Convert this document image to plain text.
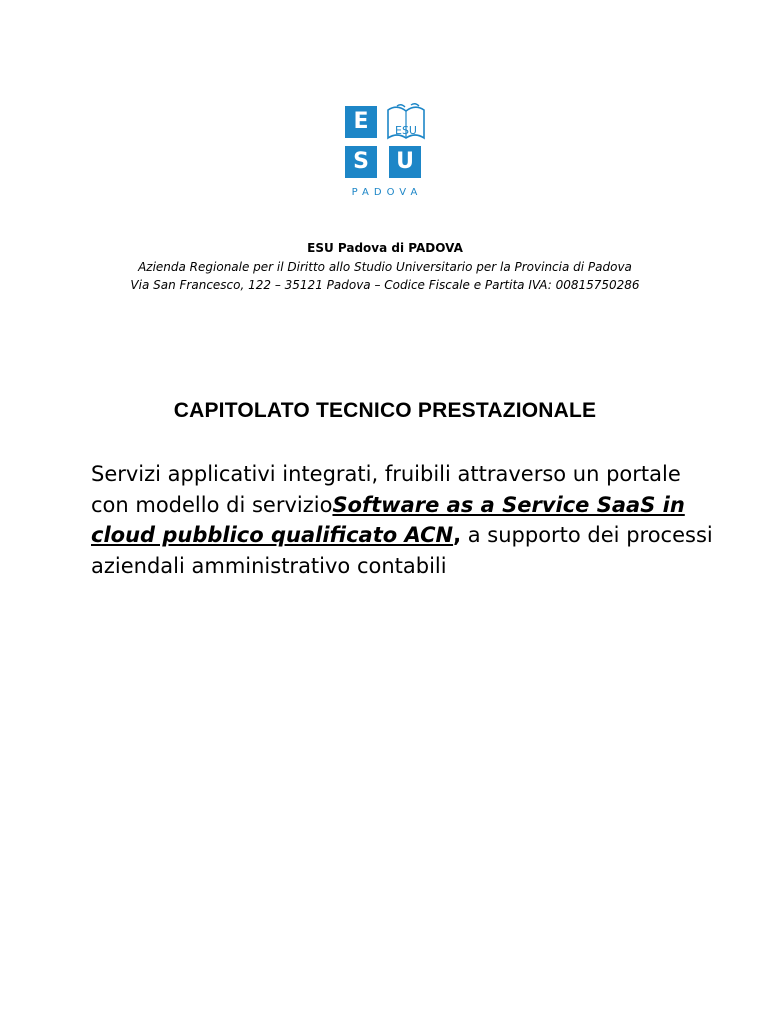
E	ESU
S	U
PADOVA
ESU Padova di PADOVA
Azienda Regionale per il Diritto allo Studio Universitario per la Provincia di Padova
Via San Francesco, 122 – 35121 Padova – Codice Fiscale e Partita IVA: 00815750286
CAPITOLATO TECNICO PRESTAZIONALE
Servizi applicativi integrati, fruibili attraverso un portale
con modello di servizio Software as a Service SaaS in
cloud pubblico qualificato ACN, a supporto dei processi
aziendali amministrativo contabili
